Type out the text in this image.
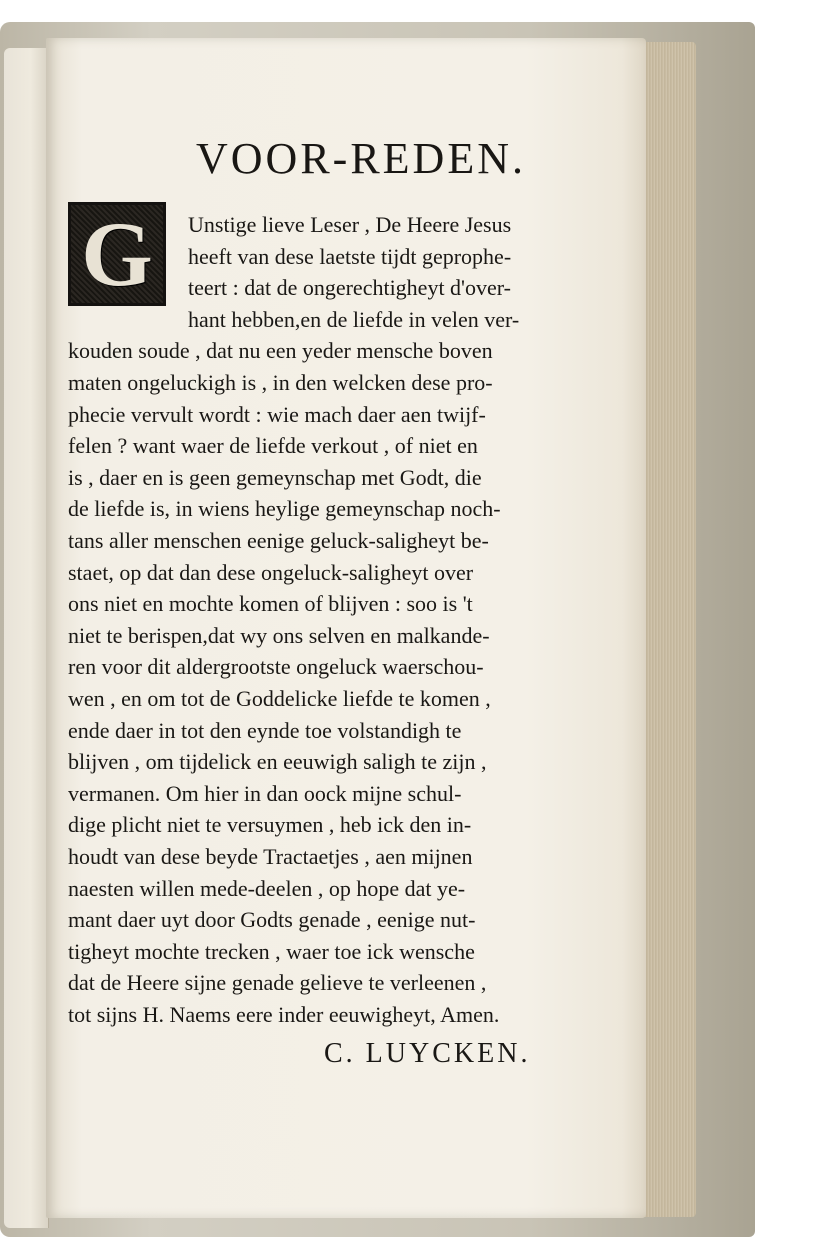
VOOR-REDEN.
G	Unstige lieve Leser , De Heere Jesus
heeft van dese laetste tijdt geprophe-
teert : dat de ongerechtigheyt d'over-
hant hebben,en de liefde in velen ver-
kouden soude , dat nu een yeder mensche boven
maten ongeluckigh is , in den welcken dese pro-
phecie vervult wordt : wie mach daer aen twijf-
felen ? want waer de liefde verkout , of niet en
is , daer en is geen gemeynschap met Godt, die
de liefde is, in wiens heylige gemeynschap noch-
tans aller menschen eenige geluck-saligheyt be-
staet, op dat dan dese ongeluck-saligheyt over
ons niet en mochte komen of blijven : soo is 't
niet te berispen,dat wy ons selven en malkande-
ren voor dit aldergrootste ongeluck waerschou-
wen , en om tot de Goddelicke liefde te komen ,
ende daer in tot den eynde toe volstandigh te
blijven , om tijdelick en eeuwigh saligh te zijn ,
vermanen. Om hier in dan oock mijne schul-
dige plicht niet te versuymen , heb ick den in-
houdt van dese beyde Tractaetjes , aen mijnen
naesten willen mede-deelen , op hope dat ye-
mant daer uyt door Godts genade , eenige nut-
tigheyt mochte trecken , waer toe ick wensche
dat de Heere sijne genade gelieve te verleenen ,
tot sijns H. Naems eere inder eeuwigheyt, Amen.
C. LUYCKEN.
